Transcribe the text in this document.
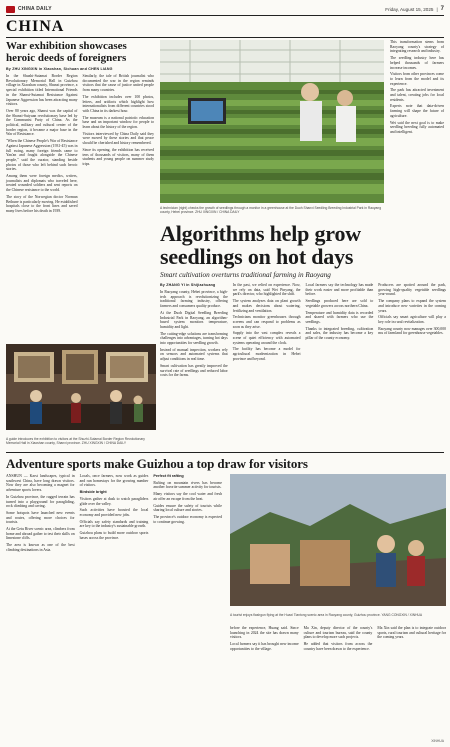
CHINA DAILY	Friday, August 15, 2025 | 7
CHINA
War exhibition showcases heroic deeds of foreigners
By ZHU XINGXIN in Xiaoshan, Sichuan and CHEN LIANG

In the Shuzhi-Sutamai Border Region Revolutionary Memorial Hall in Guizhou village in Xiaoshan county, Shanxi province, a special exhibition titled International Friends in the Shanxi-Sutamai Resistance Against Japanese Aggression has been attracting many visitors.

Over 80 years ago, Shanxi was the capital of the Shanxi-Suiyuan revolutionary base led by the Communist Party of China. As the political, military and cultural center of the border region, it became a major base in the War of Resistance.

"When the Chinese People's War of Resistance Against Japanese Aggression (1931-45) was in full swing, many foreign friends came to Yan'an and fought alongside the Chinese people," said the curator, standing beside photos of those who left behind such heroic stories.

Among them were foreign medics, writers, journalists and diplomats who traveled here, treated wounded soldiers and sent reports on the Chinese resistance to the world.

The story of the Norwegian doctor Norman Bethune is particularly moving. He established hospitals close to the front lines and saved many lives before his death in 1939.

Similarly, the tale of British journalist who documented the war in the region reminds visitors that the cause of justice united people from many countries.

The exhibition includes over 100 photos, letters, and artifacts which highlight how internationalists from different countries stood with China in its darkest hour.

The museum is a national patriotic education base and an important window for people to learn about the history of the region.

Visitors interviewed by China Daily said they were moved by these stories and that peace should be cherished and history remembered.

Since its opening, the exhibition has received tens of thousands of visitors, many of them students and young people on summer study trips.

A guide introduces the exhibition to visitors at the Shuzhi-Sutamai Border Region Revolutionary Memorial Hall in Xiaoshan county, Shanxi province. ZHU XINGXIN / CHINA DAILY

A technician (right) checks the growth of seedlings through a monitor in a greenhouse at the Duoh Shanxi Seedling Breeding Industrial Park in Raoyang county, Hebei province. ZHU XINGXIN / CHINA DAILY

This transformation stems from Raoyang county's strategy of integrating research and industry.

The seedling industry here has helped thousands of farmers increase incomes.

Visitors from other provinces come to learn from the model and its experience.

The park has attracted investment and talent, creating jobs for local residents.

Experts note that data-driven farming will shape the future of agriculture.

Wei said the next goal is to make seedling breeding fully automated and intelligent.

Algorithms help grow seedlings on hot days
Smart cultivation overturns traditional farming in Raoyang
By ZHANG YI in Shijiazhuang

In Raoyang county, Hebei province, a high-tech approach is revolutionizing the traditional farming industry, offering farmers and consumers quality produce.

At the Duoh Digital Seedling Breeding Industrial Park in Raoyang, an algorithm-based system monitors temperature, humidity and light.

The cutting-edge solutions are transforming challenges into advantages, turning hot days into opportunities for seedling growth.

Instead of manual inspection, workers rely on sensors and automated systems that adjust conditions in real time.

Smart cultivation has greatly improved the survival rate of seedlings and reduced labor costs for the farms.

In the past, we relied on experience. Now, we rely on data, said Wei Pinyang, the park's director, who highlighted the shift.

The system analyzes data on plant growth and makes decisions about watering, fertilizing and ventilation.

Technicians monitor greenhouses through screens and can respond to problems as soon as they arise.

Supply into the vast complex reveals a scene of quiet efficiency with automated systems operating around the clock.

The facility has become a model for agricultural modernization in Hebei province and beyond.

Local farmers say the technology has made their work easier and more profitable than before.

Seedlings produced here are sold to vegetable growers across northern China.

Temperature and humidity data is recorded and shared with farmers who use the seedlings.

Thanks to integrated breeding, cultivation and sales, the industry has become a key pillar of the county economy.

Producers are spotted around the park, growing high-quality vegetable seedlings year-round.

The company plans to expand the system and introduce new varieties in the coming years.

Officials say smart agriculture will play a key role in rural revitalization.

Raoyang county now manages over 300,000 mu of farmland for greenhouse vegetables.

Adventure sports make Guizhou a top draw for visitors

ANSHUN — Karst landscapes, typical in southwest China, have long drawn visitors. Now they are also becoming a magnet for adventure sports lovers.

In Guizhou province, the rugged terrain has turned into a playground for paragliding, rock climbing and caving.

Some hotspots have launched new events and routes, offering more choices for tourists.

At the Getu River scenic area, climbers from home and abroad gather to test their skills on limestone cliffs.

The area is known as one of the best climbing destinations in Asia.

Locals, once farmers, now work as guides and run homestays for the growing number of visitors.

Birdside bright

Visitors gather at dusk to watch paragliders glide over the valley.

Such activities have boosted the local economy and provided new jobs.

Officials say safety standards and training are key to the industry's sustainable growth.

Guizhou plans to build more outdoor sports bases across the province.

Perfect fit rafting

Rafting on mountain rivers has become another favorite summer activity for tourists.

Many visitors say the cool water and fresh air offer an escape from the heat.

Guides ensure the safety of tourists while sharing local culture and stories.

The province's outdoor economy is expected to continue growing.

A tourist enjoys flashgun flying at the Huaxi Tiantong scenic area in Raoyang county, Guizhou province. YANG CONGXIN / XINHUA

before the experience, Huang said. Since launching in 2024 the site has drawn many visitors.

Local farmers say it has brought new income opportunities to the village.

Ma Xin, deputy director of the county's culture and tourism bureau, said the county plans to develop more such projects.

He added that visitors from across the country have been drawn to the experience.

Ma Xin said the plan is to integrate outdoor sports, rural tourism and cultural heritage for the coming years.

XINHUA
